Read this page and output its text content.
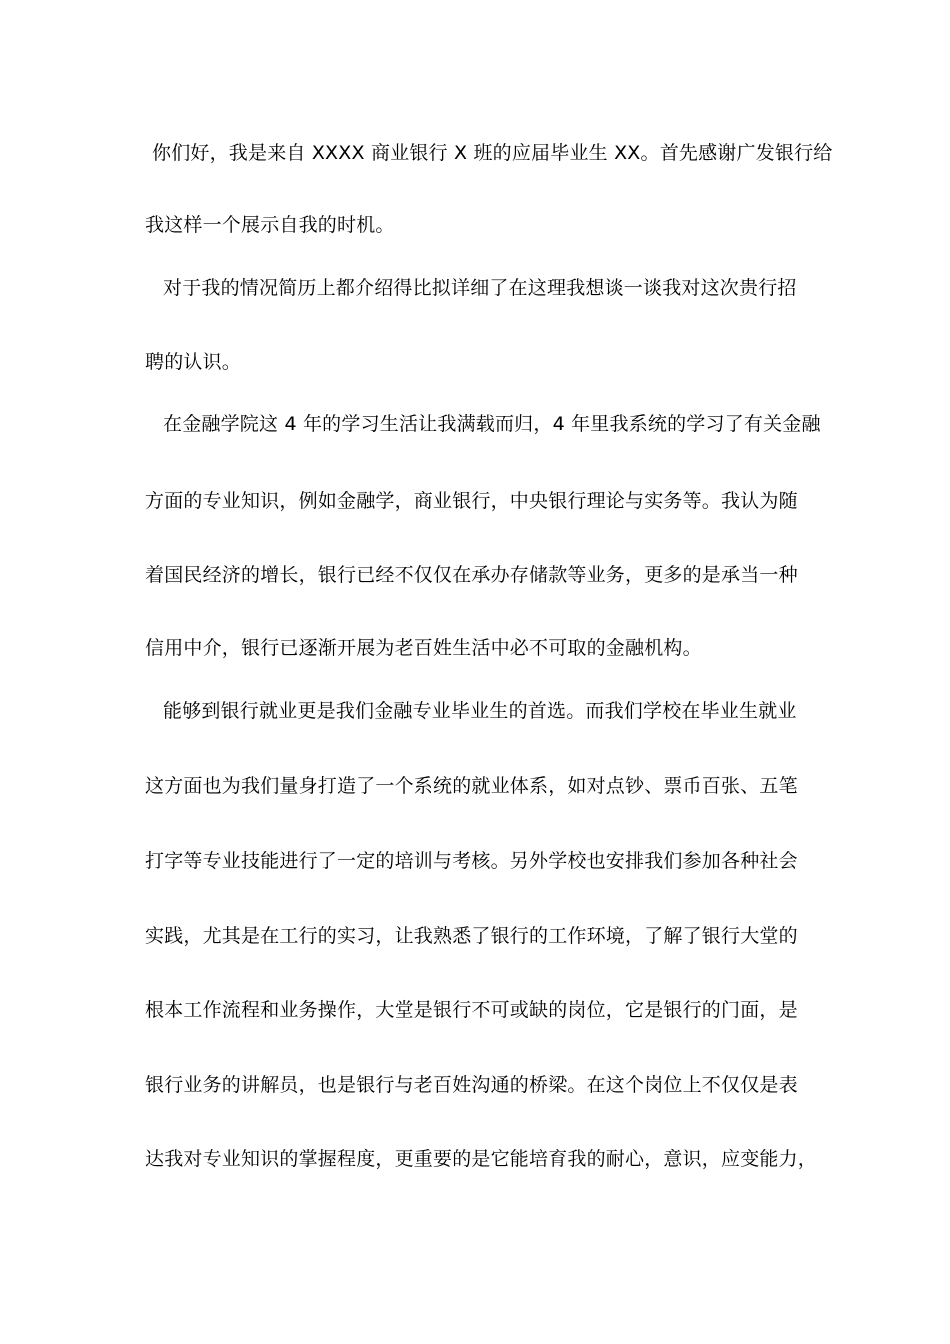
你们好，我是来自 XXXX 商业银行 X 班的应届毕业生 XX。首先感谢广发银行给
我这样一个展示自我的时机。
对于我的情况简历上都介绍得比拟详细了在这理我想谈一谈我对这次贵行招
聘的认识。
在金融学院这 4 年的学习生活让我满载而归，4 年里我系统的学习了有关金融
方面的专业知识，例如金融学，商业银行，中央银行理论与实务等。我认为随
着国民经济的增长，银行已经不仅仅在承办存储款等业务，更多的是承当一种
信用中介，银行已逐渐开展为老百姓生活中必不可取的金融机构。
能够到银行就业更是我们金融专业毕业生的首选。而我们学校在毕业生就业
这方面也为我们量身打造了一个系统的就业体系，如对点钞、票币百张、五笔
打字等专业技能进行了一定的培训与考核。另外学校也安排我们参加各种社会
实践，尤其是在工行的实习，让我熟悉了银行的工作环境，了解了银行大堂的
根本工作流程和业务操作，大堂是银行不可或缺的岗位，它是银行的门面，是
银行业务的讲解员，也是银行与老百姓沟通的桥梁。在这个岗位上不仅仅是表
达我对专业知识的掌握程度，更重要的是它能培育我的耐心，意识，应变能力，
